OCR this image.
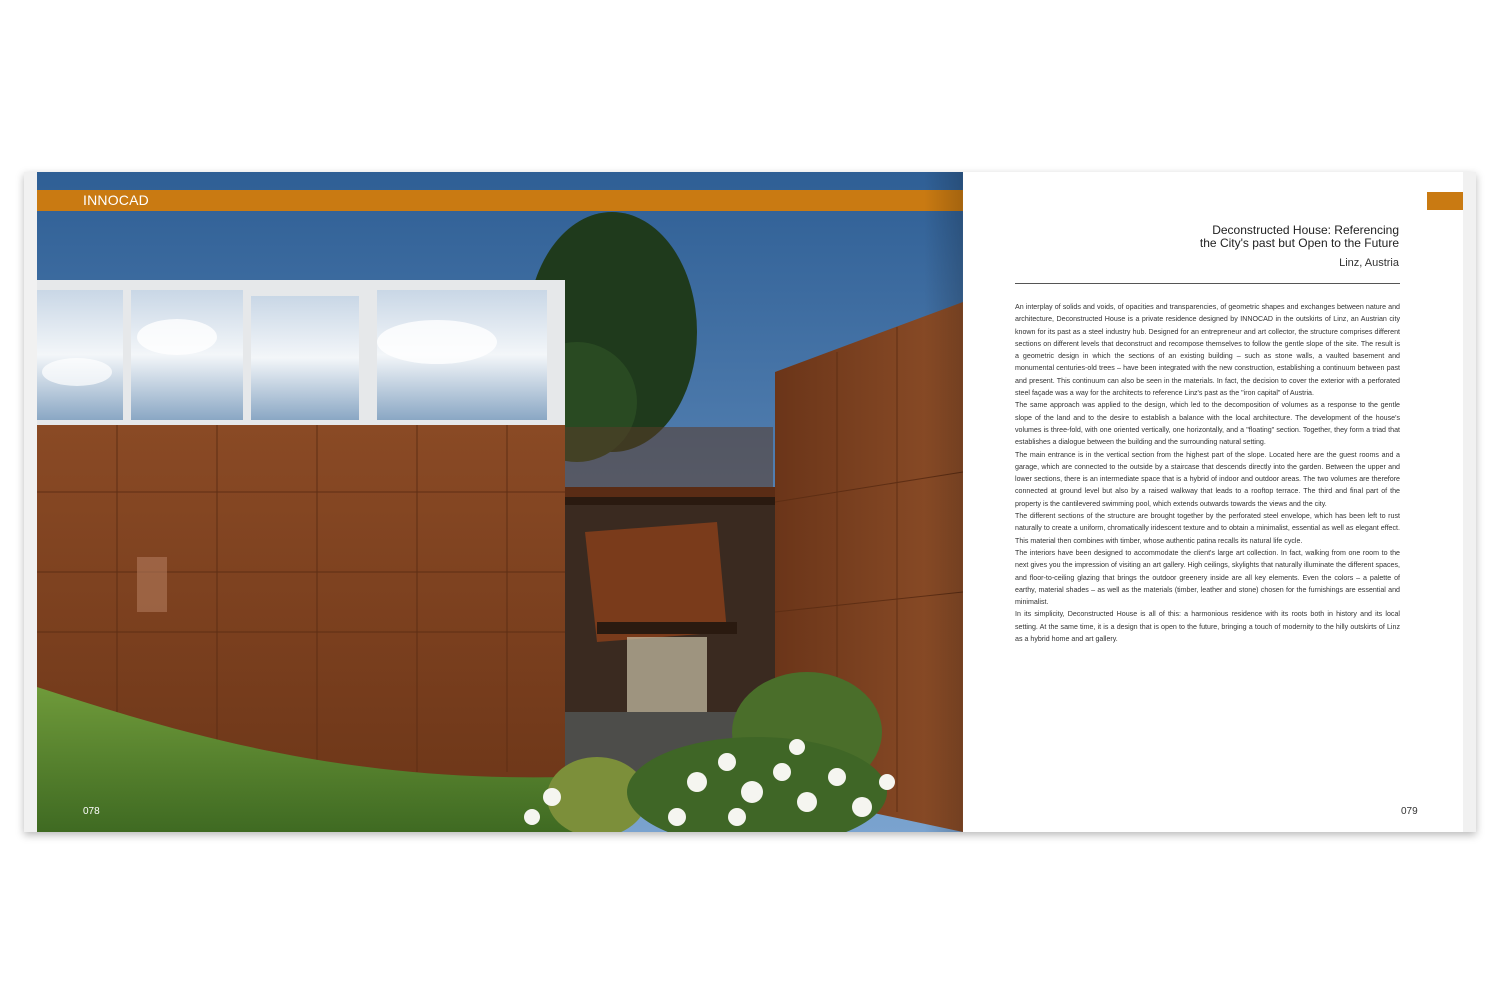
INNOCAD
078
Deconstructed House: Referencing
the City's past but Open to the Future
Linz, Austria

An interplay of solids and voids, of opacities and transparencies, of geometric shapes and exchanges between nature and architecture, Deconstructed House is a private residence designed by INNOCAD in the outskirts of Linz, an Austrian city known for its past as a steel industry hub. Designed for an entrepreneur and art collector, the structure comprises different sections on different levels that deconstruct and recompose themselves to follow the gentle slope of the site. The result is a geometric design in which the sections of an existing building – such as stone walls, a vaulted basement and monumental centuries-old trees – have been integrated with the new construction, establishing a continuum between past and present. This continuum can also be seen in the materials. In fact, the decision to cover the exterior with a perforated steel façade was a way for the architects to reference Linz's past as the "iron capital" of Austria.

The same approach was applied to the design, which led to the decomposition of volumes as a response to the gentle slope of the land and to the desire to establish a balance with the local architecture. The development of the house's volumes is three-fold, with one oriented vertically, one horizontally, and a "floating" section. Together, they form a triad that establishes a dialogue between the building and the surrounding natural setting.

The main entrance is in the vertical section from the highest part of the slope. Located here are the guest rooms and a garage, which are connected to the outside by a staircase that descends directly into the garden. Between the upper and lower sections, there is an intermediate space that is a hybrid of indoor and outdoor areas. The two volumes are therefore connected at ground level but also by a raised walkway that leads to a rooftop terrace. The third and final part of the property is the cantilevered swimming pool, which extends outwards towards the views and the city.

The different sections of the structure are brought together by the perforated steel envelope, which has been left to rust naturally to create a uniform, chromatically iridescent texture and to obtain a minimalist, essential as well as elegant effect. This material then combines with timber, whose authentic patina recalls its natural life cycle.

The interiors have been designed to accommodate the client's large art collection. In fact, walking from one room to the next gives you the impression of visiting an art gallery. High ceilings, skylights that naturally illuminate the different spaces, and floor-to-ceiling glazing that brings the outdoor greenery inside are all key elements. Even the colors – a palette of earthy, material shades – as well as the materials (timber, leather and stone) chosen for the furnishings are essential and minimalist.

In its simplicity, Deconstructed House is all of this: a harmonious residence with its roots both in history and its local setting. At the same time, it is a design that is open to the future, bringing a touch of modernity to the hilly outskirts of Linz as a hybrid home and art gallery.

079
